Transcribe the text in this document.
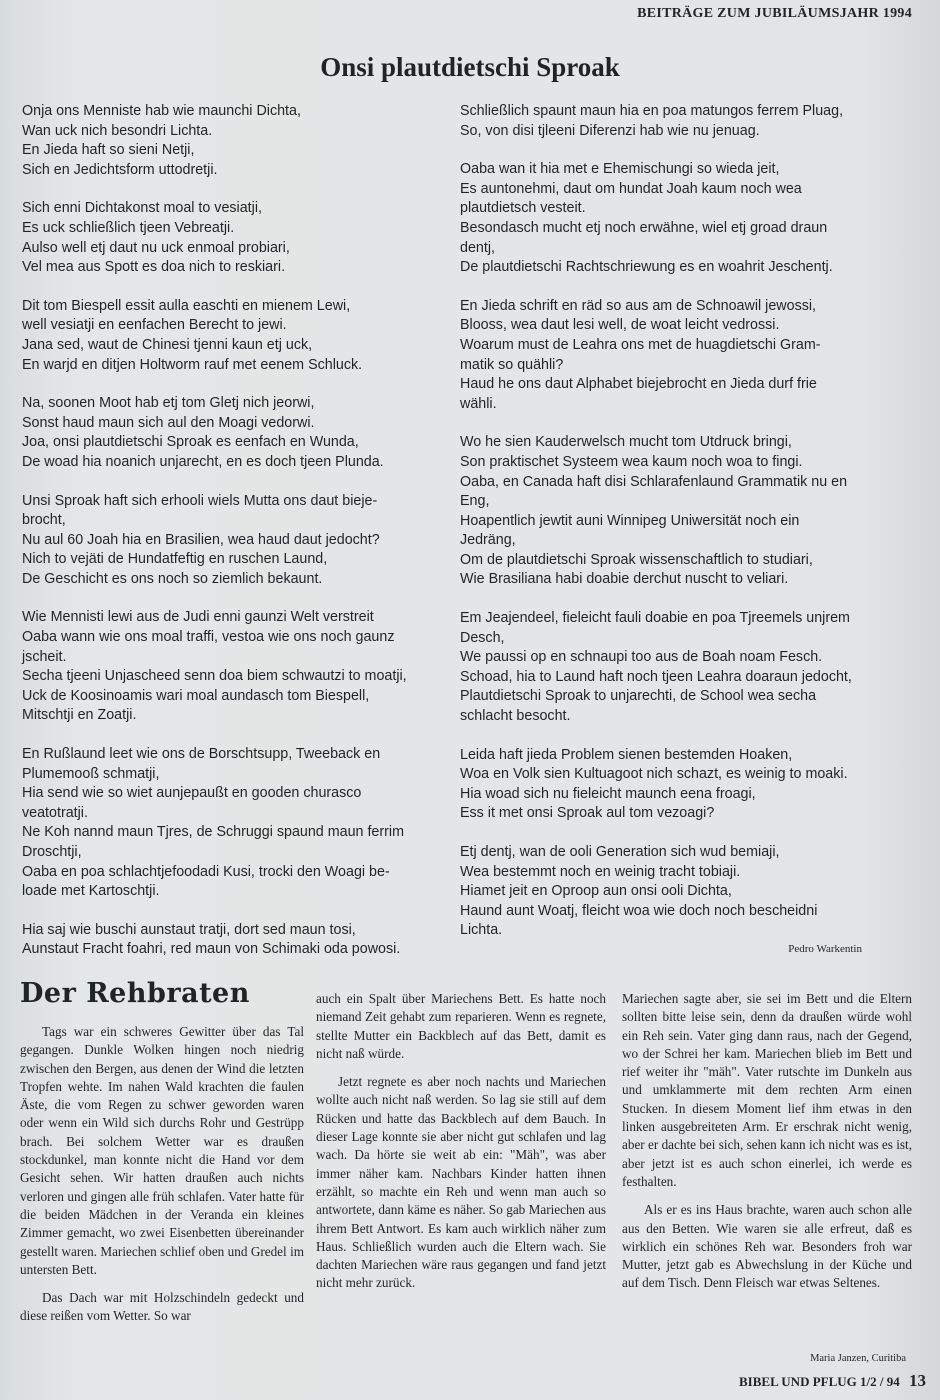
BEITRÄGE ZUM JUBILÄUMSJAHR 1994
Onsi plautdietschi Sproak
Onja ons Menniste hab wie maunchi Dichta,
Wan uck nich besondri Lichta.
En Jieda haft so sieni Netji,
Sich en Jedichtsform uttodretji.
Sich enni Dichtakonst moal to vesiatji,
Es uck schließlich tjeen Vebreatji.
Aulso well etj daut nu uck enmoal probiari,
Vel mea aus Spott es doa nich to reskiari.
Dit tom Biespell essit aulla easchti en mienem Lewi,
well vesiatji en eenfachen Berecht to jewi.
Jana sed, waut de Chinesi tjenni kaun etj uck,
En warjd en ditjen Holtworm rauf met eenem Schluck.
Na, soonen Moot hab etj tom Gletj nich jeorwi,
Sonst haud maun sich aul den Moagi vedorwi.
Joa, onsi plautdietschi Sproak es eenfach en Wunda,
De woad hia noanich unjarecht, en es doch tjeen Plunda.
Unsi Sproak haft sich erhooli wiels Mutta ons daut bieje-
brocht,
Nu aul 60 Joah hia en Brasilien, wea haud daut jedocht?
Nich to vejäti de Hundatfeftig en ruschen Laund,
De Geschicht es ons noch so ziemlich bekaunt.
Wie Mennisti lewi aus de Judi enni gaunzi Welt verstreit
Oaba wann wie ons moal traffi, vestoa wie ons noch gaunz
jscheit.
Secha tjeeni Unjascheed senn doa biem schwautzi to moatji,
Uck de Koosinoamis wari moal aundasch tom Biespell,
Mitschtji en Zoatji.
En Rußlaund leet wie ons de Borschtsupp, Tweeback en
Plumemooß schmatji,
Hia send wie so wiet aunjepaußt en gooden churasco
veatotratji.
Ne Koh nannd maun Tjres, de Schruggi spaund maun ferrim
Droschtji,
Oaba en poa schlachtjefoodadi Kusi, trocki den Woagi be-
loade met Kartoschtji.
Hia saj wie buschi aunstaut tratji, dort sed maun tosi,
Aunstaut Fracht foahri, red maun von Schimaki oda powosi.
Schließlich spaunt maun hia en poa matungos ferrem Pluag,
So, von disi tjleeni Diferenzi hab wie nu jenuag.
Oaba wan it hia met e Ehemischungi so wieda jeit,
Es auntonehmi, daut om hundat Joah kaum noch wea
plautdietsch vesteit.
Besondasch mucht etj noch erwähne, wiel etj groad draun
dentj,
De plautdietschi Rachtschriewung es en woahrit Jeschentj.
En Jieda schrift en räd so aus am de Schnoawil jewossi,
Blooss, wea daut lesi well, de woat leicht vedrossi.
Woarum must de Leahra ons met de huagdietschi Gram-
matik so quähli?
Haud he ons daut Alphabet biejebrocht en Jieda durf frie
wähli.
Wo he sien Kauderwelsch mucht tom Utdruck bringi,
Son praktischet Systeem wea kaum noch woa to fingi.
Oaba, en Canada haft disi Schlarafenlaund Grammatik nu en
Eng,
Hoapentlich jewtit auni Winnipeg Uniwersität noch ein
Jedräng,
Om de plautdietschi Sproak wissenschaftlich to studiari,
Wie Brasiliana habi doabie derchut nuscht to veliari.
Em Jeajendeel, fieleicht fauli doabie en poa Tjreemels unjrem
Desch,
We paussi op en schnaupi too aus de Boah noam Fesch.
Schoad, hia to Laund haft noch tjeen Leahra doaraun jedocht,
Plautdietschi Sproak to unjarechti, de School wea secha
schlacht besocht.
Leida haft jieda Problem sienen bestemden Hoaken,
Woa en Volk sien Kultuagoot nich schazt, es weinig to moaki.
Hia woad sich nu fieleicht maunch eena froagi,
Ess it met onsi Sproak aul tom vezoagi?
Etj dentj, wan de ooli Generation sich wud bemiaji,
Wea bestemmt noch en weinig tracht tobiaji.
Hiamet jeit en Oproop aun onsi ooli Dichta,
Haund aunt Woatj, fleicht woa wie doch noch bescheidni
Lichta.
Pedro Warkentin
Der Rehbraten

Tags war ein schweres Gewitter über das Tal gegangen. Dunkle Wolken hingen noch niedrig zwischen den Bergen, aus denen der Wind die letzten Tropfen wehte. Im nahen Wald krachten die faulen Äste, die vom Regen zu schwer geworden waren oder wenn ein Wild sich durchs Rohr und Gestrüpp brach. Bei solchem Wetter war es draußen stockdunkel, man konnte nicht die Hand vor dem Gesicht sehen. Wir hatten draußen auch nichts verloren und gingen alle früh schlafen. Vater hatte für die beiden Mädchen in der Veranda ein kleines Zimmer gemacht, wo zwei Eisenbetten übereinander gestellt waren. Mariechen schlief oben und Gredel im untersten Bett.

Das Dach war mit Holzschindeln gedeckt und diese reißen vom Wetter. So war

auch ein Spalt über Mariechens Bett. Es hatte noch niemand Zeit gehabt zum reparieren. Wenn es regnete, stellte Mutter ein Backblech auf das Bett, damit es nicht naß würde.

Jetzt regnete es aber noch nachts und Mariechen wollte auch nicht naß werden. So lag sie still auf dem Rücken und hatte das Backblech auf dem Bauch. In dieser Lage konnte sie aber nicht gut schlafen und lag wach. Da hörte sie weit ab ein: "Mäh", was aber immer näher kam. Nachbars Kinder hatten ihnen erzählt, so machte ein Reh und wenn man auch so antwortete, dann käme es näher. So gab Mariechen aus ihrem Bett Antwort. Es kam auch wirklich näher zum Haus. Schließlich wurden auch die Eltern wach. Sie dachten Mariechen wäre raus gegangen und fand jetzt nicht mehr zurück.

Mariechen sagte aber, sie sei im Bett und die Eltern sollten bitte leise sein, denn da draußen würde wohl ein Reh sein. Vater ging dann raus, nach der Gegend, wo der Schrei her kam. Mariechen blieb im Bett und rief weiter ihr "mäh". Vater rutschte im Dunkeln aus und umklammerte mit dem rechten Arm einen Stucken. In diesem Moment lief ihm etwas in den linken ausgebreiteten Arm. Er erschrak nicht wenig, aber er dachte bei sich, sehen kann ich nicht was es ist, aber jetzt ist es auch schon einerlei, ich werde es festhalten.

Als er es ins Haus brachte, waren auch schon alle aus den Betten. Wie waren sie alle erfreut, daß es wirklich ein schönes Reh war. Besonders froh war Mutter, jetzt gab es Abwechslung in der Küche und auf dem Tisch. Denn Fleisch war etwas Seltenes.

Maria Janzen, Curitiba
BIBEL UND PFLUG 1/2 / 94 13
